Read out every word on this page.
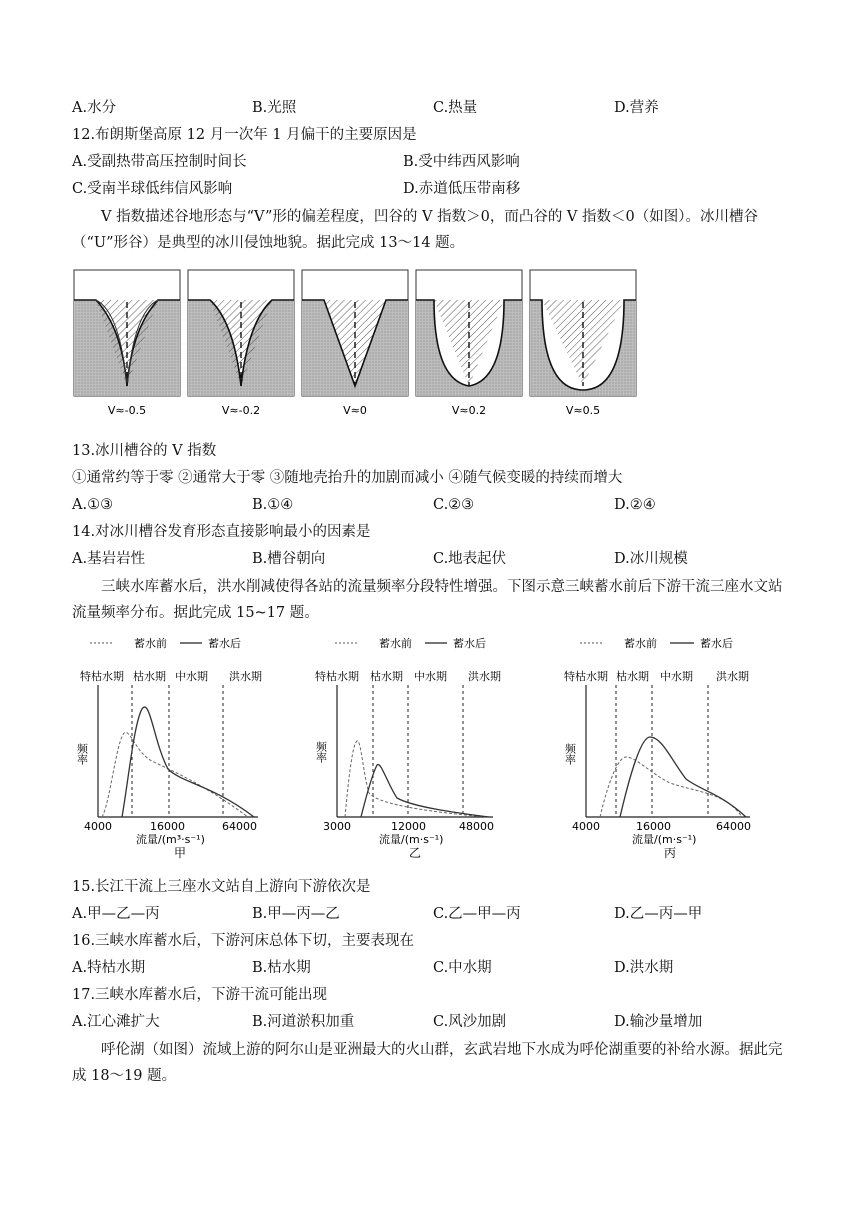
A.水分	B.光照	C.热量	D.营养
12.布朗斯堡高原 12 月一次年 1 月偏干的主要原因是
A.受副热带高压控制时间长	B.受中纬西风影响
C.受南半球低纬信风影响	D.赤道低压带南移
V 指数描述谷地形态与“V”形的偏差程度，凹谷的 V 指数＞0，而凸谷的 V 指数＜0（如图）。冰川槽谷（“U”形谷）是典型的冰川侵蚀地貌。据此完成 13～14 题。
V≈-0.5	V≈-0.2	V≈0	V≈0.2	V≈0.5
13.冰川槽谷的 V 指数
①通常约等于零 ②通常大于零 ③随地壳抬升的加剧而减小 ④随气候变暖的持续而增大
A.①③	B.①④	C.②③	D.②④
14.对冰川槽谷发育形态直接影响最小的因素是
A.基岩岩性	B.槽谷朝向	C.地表起伏	D.冰川规模
三峡水库蓄水后，洪水削减使得各站的流量频率分段特性增强。下图示意三峡蓄水前后下游干流三座水文站流量频率分布。据此完成 15~17 题。
蓄水前	蓄水后
特枯水期 枯水期 中水期 洪水期
频率
4000	16000	64000
流量/(m³·s⁻¹)
甲
蓄水前	蓄水后
特枯水期 枯水期 中水期 洪水期
频率
3000	12000	48000
流量/(m·s⁻¹)
乙
蓄水前	蓄水后
特枯水期 枯水期 中水期 洪水期
频率
4000	16000	64000
流量/(m·s⁻¹)
丙
15.长江干流上三座水文站自上游向下游依次是
A.甲—乙—丙	B.甲—丙—乙	C.乙—甲—丙	D.乙—丙—甲
16.三峡水库蓄水后，下游河床总体下切，主要表现在
A.特枯水期	B.枯水期	C.中水期	D.洪水期
17.三峡水库蓄水后，下游干流可能出现
A.江心滩扩大	B.河道淤积加重	C.风沙加剧	D.输沙量增加
呼伦湖（如图）流域上游的阿尔山是亚洲最大的火山群，玄武岩地下水成为呼伦湖重要的补给水源。据此完成 18～19 题。
